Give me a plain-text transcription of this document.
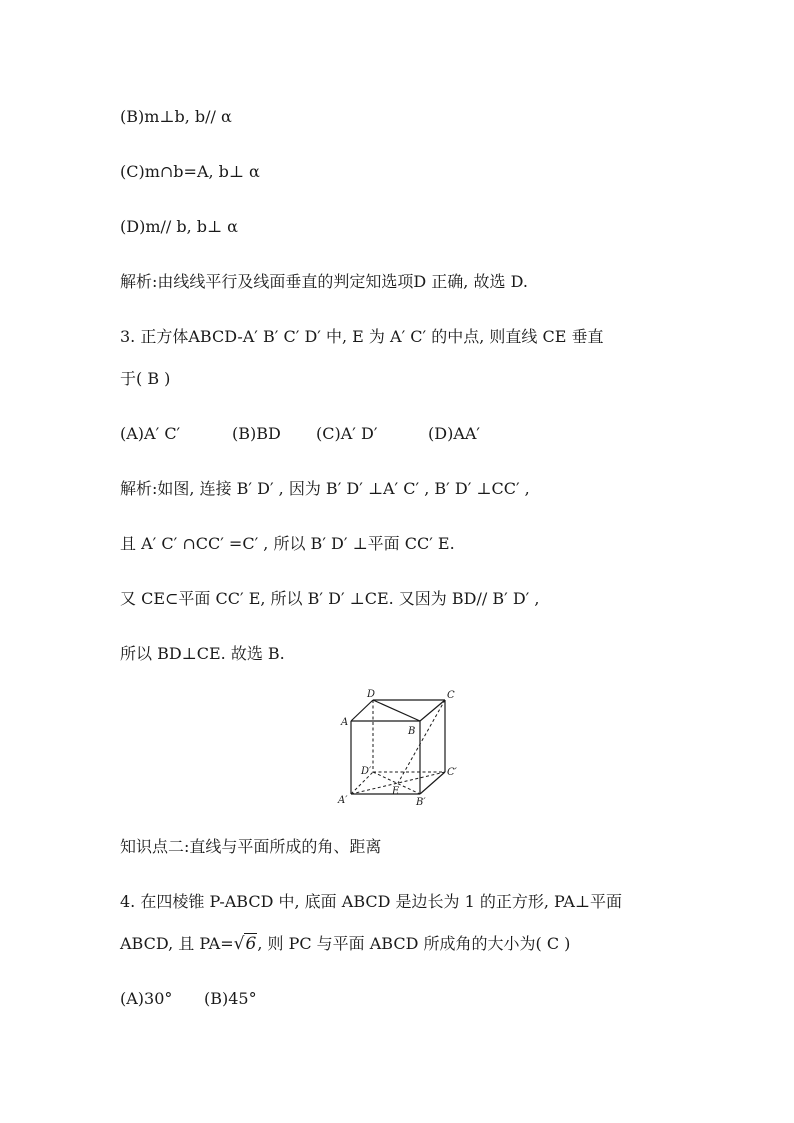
(B)m⊥b, b// α
(C)m∩b=A, b⊥ α
(D)m// b, b⊥ α
解析:由线线平行及线面垂直的判定知选项D 正确, 故选 D.
3. 正方体ABCD-A′ B′ C′ D′ 中, E 为 A′ C′ 的中点, 则直线 CE 垂直
于( B )
(A)A′ C′	(B)BD (C)A′ D′	(D)AA′
解析:如图, 连接 B′ D′ , 因为 B′ D′ ⊥A′ C′ , B′ D′ ⊥CC′ ,
且 A′ C′ ∩CC′ =C′ , 所以 B′ D′ ⊥平面 CC′ E.
又 CE⊂平面 CC′ E, 所以 B′ D′ ⊥CE. 又因为 BD// B′ D′ ,
所以 BD⊥CE. 故选 B.
D	C
A
B
D′	C′
E
A′	B′
知识点二:直线与平面所成的角、距离
4. 在四棱锥 P-ABCD 中, 底面 ABCD 是边长为 1 的正方形, PA⊥平面
ABCD, 且 PA=√6, 则 PC 与平面 ABCD 所成角的大小为( C )
(A)30° (B)45°
